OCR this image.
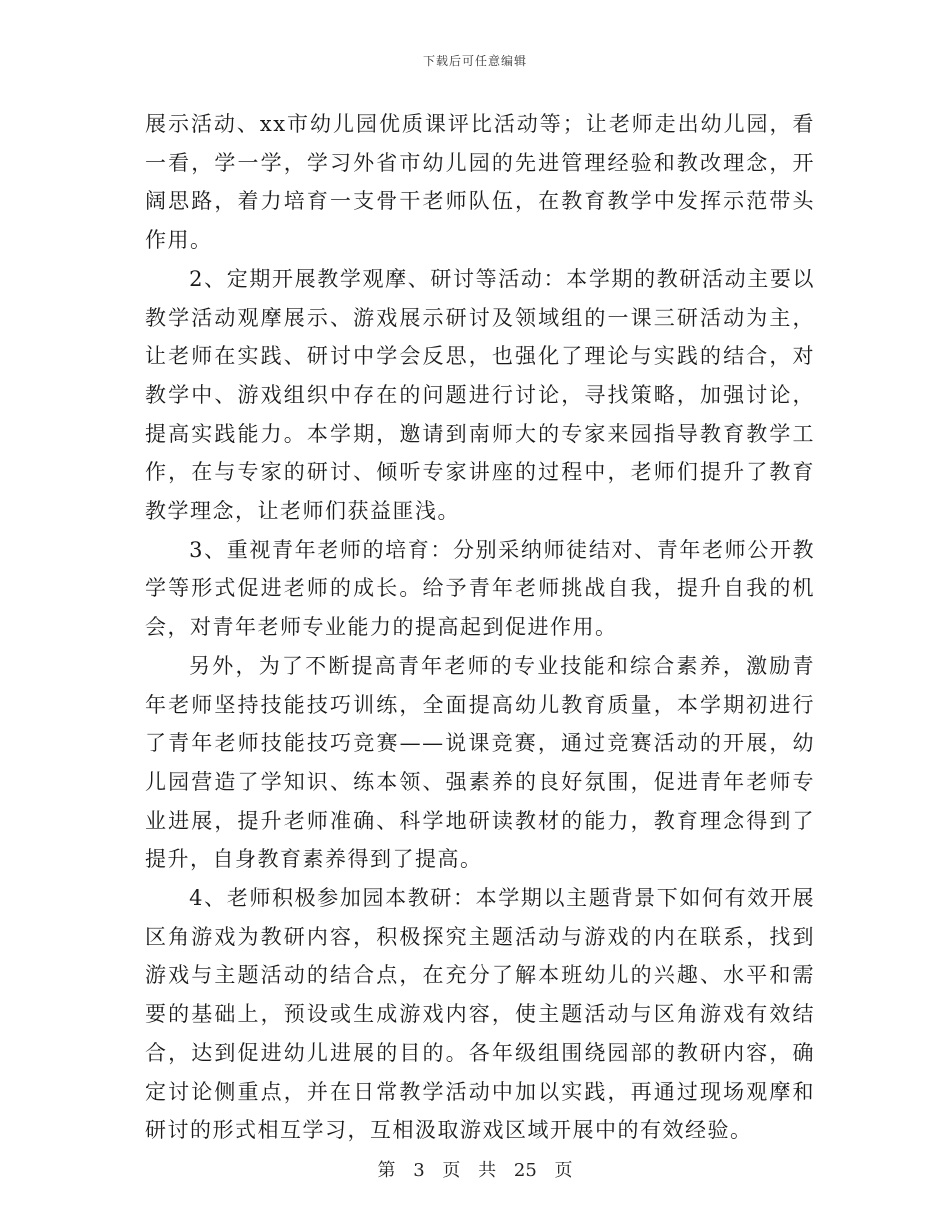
下载后可任意编辑

展示活动、xx市幼儿园优质课评比活动等；让老师走出幼儿园，看一看，学一学，学习外省市幼儿园的先进管理经验和教改理念，开阔思路，着力培育一支骨干老师队伍，在教育教学中发挥示范带头作用。

2、定期开展教学观摩、研讨等活动：本学期的教研活动主要以教学活动观摩展示、游戏展示研讨及领域组的一课三研活动为主，让老师在实践、研讨中学会反思，也强化了理论与实践的结合，对教学中、游戏组织中存在的问题进行讨论，寻找策略，加强讨论，提高实践能力。本学期，邀请到南师大的专家来园指导教育教学工作，在与专家的研讨、倾听专家讲座的过程中，老师们提升了教育教学理念，让老师们获益匪浅。

3、重视青年老师的培育：分别采纳师徒结对、青年老师公开教学等形式促进老师的成长。给予青年老师挑战自我，提升自我的机会，对青年老师专业能力的提高起到促进作用。

另外，为了不断提高青年老师的专业技能和综合素养，激励青年老师坚持技能技巧训练，全面提高幼儿教育质量，本学期初进行了青年老师技能技巧竞赛——说课竞赛，通过竞赛活动的开展，幼儿园营造了学知识、练本领、强素养的良好氛围，促进青年老师专业进展，提升老师准确、科学地研读教材的能力，教育理念得到了提升，自身教育素养得到了提高。

4、老师积极参加园本教研：本学期以主题背景下如何有效开展区角游戏为教研内容，积极探究主题活动与游戏的内在联系，找到游戏与主题活动的结合点，在充分了解本班幼儿的兴趣、水平和需要的基础上，预设或生成游戏内容，使主题活动与区角游戏有效结合，达到促进幼儿进展的目的。各年级组围绕园部的教研内容，确定讨论侧重点，并在日常教学活动中加以实践，再通过现场观摩和研讨的形式相互学习，互相汲取游戏区域开展中的有效经验。

第 3 页 共 25 页
